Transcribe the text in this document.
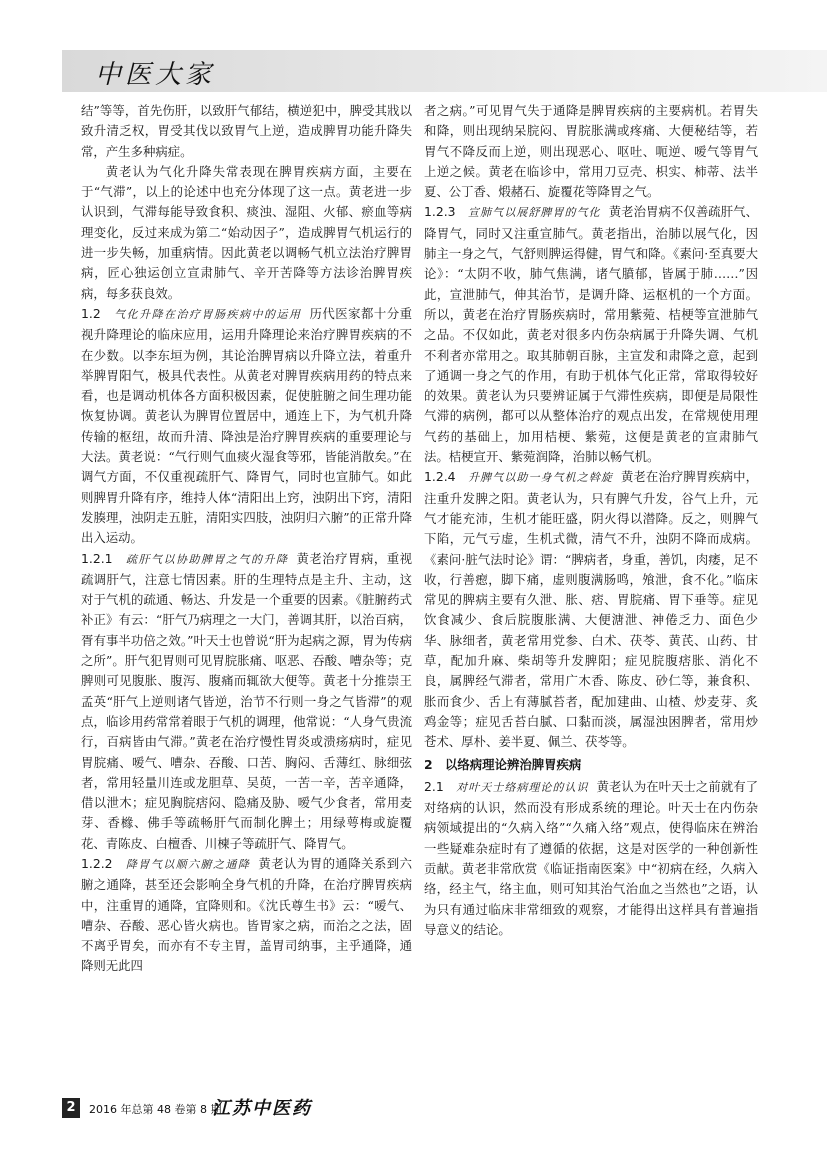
中医大家

结”等等，首先伤肝，以致肝气郁结，横逆犯中，脾受其戕以致升清乏权，胃受其伐以致胃气上逆，造成脾胃功能升降失常，产生多种病症。

黄老认为气化升降失常表现在脾胃疾病方面，主要在于“气滞”，以上的论述中也充分体现了这一点。黄老进一步认识到，气滞每能导致食积、痰浊、湿阻、火郁、瘀血等病理变化，反过来成为第二“始动因子”，造成脾胃气机运行的进一步失畅，加重病情。因此黄老以调畅气机立法治疗脾胃病，匠心独运创立宣肃肺气、辛开苦降等方法诊治脾胃疾病，每多获良效。

1.2　 气化升降在治疗胃肠疾病中的运用 历代医家都十分重视升降理论的临床应用，运用升降理论来治疗脾胃疾病的不在少数。以李东垣为例，其论治脾胃病以升降立法，着重升举脾胃阳气，极具代表性。从黄老对脾胃疾病用药的特点来看，也是调动机体各方面积极因素，促使脏腑之间生理功能恢复协调。黄老认为脾胃位置居中，通连上下，为气机升降传输的枢纽，故而升清、降浊是治疗脾胃疾病的重要理论与大法。黄老说：“气行则气血痰火湿食等邪，皆能消散矣。”在调气方面，不仅重视疏肝气、降胃气，同时也宣肺气。如此则脾胃升降有序，维持人体“清阳出上窍，浊阴出下窍，清阳发腠理，浊阴走五脏，清阳实四肢，浊阴归六腑”的正常升降出入运动。

1.2.1　 疏肝气以协助脾胃之气的升降 黄老治疗胃病，重视疏调肝气，注意七情因素。肝的生理特点是主升、主动，这对于气机的疏通、畅达、升发是一个重要的因素。《脏腑药式补正》有云：“肝气乃病理之一大门，善调其肝，以治百病，胥有事半功倍之效。”叶天士也曾说“肝为起病之源，胃为传病之所”。肝气犯胃则可见胃脘胀痛、呕恶、吞酸、嘈杂等；克脾则可见腹胀、腹泻、腹痛而辄欲大便等。黄老十分推崇王孟英“肝气上逆则诸气皆逆，治节不行则一身之气皆滞”的观点，临诊用药常常着眼于气机的调理，他常说：“人身气贵流行，百病皆由气滞。”黄老在治疗慢性胃炎或溃疡病时，症见胃脘痛、嗳气、嘈杂、吞酸、口苦、胸闷、舌薄红、脉细弦者，常用轻量川连或龙胆草、吴萸，一苦一辛，苦辛通降，借以泄木；症见胸脘痞闷、隐痛及胁、嗳气少食者，常用麦芽、香橼、佛手等疏畅肝气而制化脾土；用绿萼梅或旋覆花、青陈皮、白檀香、川楝子等疏肝气、降胃气。

1.2.2　 降胃气以顺六腑之通降 黄老认为胃的通降关系到六腑之通降，甚至还会影响全身气机的升降，在治疗脾胃疾病中，注重胃的通降，宜降则和。《沈氏尊生书》云：“嗳气、嘈杂、吞酸、恶心皆火病也。皆胃家之病，而治之之法，固不离乎胃矣，而亦有不专主胃，盖胃司纳事，主乎通降，通降则无此四

者之病。”可见胃气失于通降是脾胃疾病的主要病机。若胃失和降，则出现纳呆脘闷、胃脘胀满或疼痛、大便秘结等，若胃气不降反而上逆，则出现恶心、呕吐、呃逆、嗳气等胃气上逆之候。黄老在临诊中，常用刀豆壳、枳实、柿蒂、法半夏、公丁香、煅赭石、旋覆花等降胃之气。

1.2.3　 宣肺气以展舒脾胃的气化 黄老治胃病不仅善疏肝气、降胃气，同时又注重宣肺气。黄老指出，治肺以展气化，因肺主一身之气，气舒则脾运得健，胃气和降。《素问·至真要大论》：“太阴不收，肺气焦满，诸气膹郁，皆属于肺……”因此，宣泄肺气，伸其治节，是调升降、运枢机的一个方面。所以，黄老在治疗胃肠疾病时，常用紫菀、桔梗等宣泄肺气之品。不仅如此，黄老对很多内伤杂病属于升降失调、气机不利者亦常用之。取其肺朝百脉，主宣发和肃降之意，起到了通调一身之气的作用，有助于机体气化正常，常取得较好的效果。黄老认为只要辨证属于气滞性疾病，即便是局限性气滞的病例，都可以从整体治疗的观点出发，在常规使用理气药的基础上，加用桔梗、紫菀，这便是黄老的宣肃肺气法。桔梗宣开、紫菀润降，治肺以畅气机。

1.2.4　 升脾气以助一身气机之斡旋 黄老在治疗脾胃疾病中，注重升发脾之阳。黄老认为，只有脾气升发，谷气上升，元气才能充沛，生机才能旺盛，阴火得以潜降。反之，则脾气下陷，元气亏虚，生机式微，清气不升，浊阴不降而成病。《素问·脏气法时论》谓：“脾病者，身重，善饥，肉痿，足不收，行善瘛，脚下痛，虚则腹满肠鸣，飧泄，食不化。”临床常见的脾病主要有久泄、胀、痞、胃脘痛、胃下垂等。症见饮食减少、食后脘腹胀满、大便溏泄、神倦乏力、面色少华、脉细者，黄老常用党参、白术、茯苓、黄芪、山药、甘草，配加升麻、柴胡等升发脾阳；症见脘腹痞胀、消化不良，属脾经气滞者，常用广木香、陈皮、砂仁等，兼食积、胀而食少、舌上有薄腻苔者，配加建曲、山楂、炒麦芽、炙鸡金等；症见舌苔白腻、口黏而淡，属湿浊困脾者，常用炒苍术、厚朴、姜半夏、佩兰、茯苓等。

2　以络病理论辨治脾胃疾病

2.1　 对叶天士络病理论的认识 黄老认为在叶天士之前就有了对络病的认识，然而没有形成系统的理论。叶天士在内伤杂病领域提出的“久病入络”“久痛入络”观点，使得临床在辨治一些疑难杂症时有了遵循的依据，这是对医学的一种创新性贡献。黄老非常欣赏《临证指南医案》中“初病在经，久病入络，经主气，络主血，则可知其治气治血之当然也”之语，认为只有通过临床非常细致的观察，才能得出这样具有普遍指导意义的结论。

2	2016 年总第 48 卷第 8 期
江苏中医药
